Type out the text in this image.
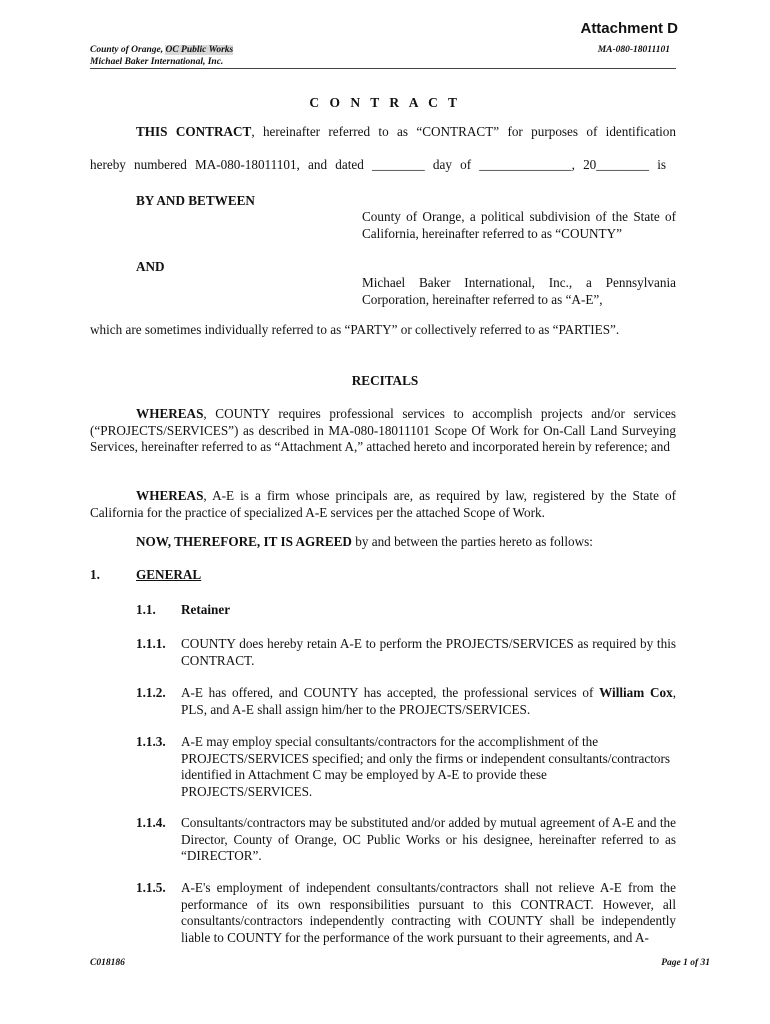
Attachment D
County of Orange, OC Public Works
Michael Baker International, Inc.
MA-080-18011101
C O N T R A C T
THIS CONTRACT, hereinafter referred to as “CONTRACT” for purposes of identification
hereby numbered MA-080-18011101, and dated ________ day of ______________, 20________ is
BY AND BETWEEN
County of Orange, a political subdivision of the State of California, hereinafter referred to as “COUNTY”
AND
Michael Baker International, Inc., a Pennsylvania Corporation, hereinafter referred to as “A-E”,
which are sometimes individually referred to as “PARTY” or collectively referred to as “PARTIES”.
RECITALS
WHEREAS, COUNTY requires professional services to accomplish projects and/or services (“PROJECTS/SERVICES”) as described in MA-080-18011101 Scope Of Work for On-Call Land Surveying Services, hereinafter referred to as “Attachment A,” attached hereto and incorporated herein by reference; and
WHEREAS, A-E is a firm whose principals are, as required by law, registered by the State of California for the practice of specialized A-E services per the attached Scope of Work.
NOW, THEREFORE, IT IS AGREED by and between the parties hereto as follows:
1.	GENERAL
1.1. Retainer
1.1.1. COUNTY does hereby retain A-E to perform the PROJECTS/SERVICES as required by this CONTRACT.
1.1.2. A-E has offered, and COUNTY has accepted, the professional services of William Cox, PLS, and A-E shall assign him/her to the PROJECTS/SERVICES.
1.1.3. A-E may employ special consultants/contractors for the accomplishment of the PROJECTS/SERVICES specified; and only the firms or independent consultants/contractors identified in Attachment C may be employed by A-E to provide these PROJECTS/SERVICES.
1.1.4. Consultants/contractors may be substituted and/or added by mutual agreement of A-E and the Director, County of Orange, OC Public Works or his designee, hereinafter referred to as “DIRECTOR”.
1.1.5. A-E's employment of independent consultants/contractors shall not relieve A-E from the performance of its own responsibilities pursuant to this CONTRACT. However, all consultants/contractors independently contracting with COUNTY shall be independently liable to COUNTY for the performance of the work pursuant to their agreements, and A-
C018186	Page 1 of 31
